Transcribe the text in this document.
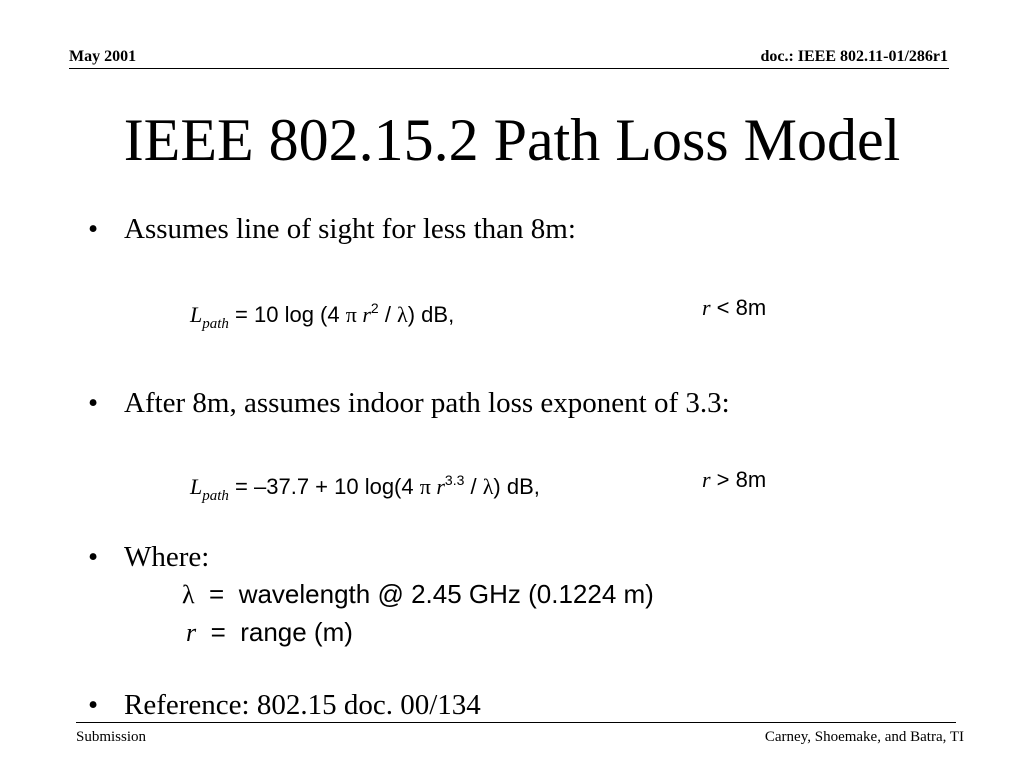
May 2001	doc.: IEEE 802.11-01/286r1
IEEE 802.15.2 Path Loss Model
• Assumes line of sight for less than 8m:
$L_{path} = 10$ log (4 π $r^2 / \lambda$) dB,	r < 8m
• After 8m, assumes indoor path loss exponent of 3.3:
$L_{path} = -37.7 + 10$ log(4 π $r^{3.3} / \lambda$) dB,	r > 8m
• Where:
λ  =  wavelength @ 2.45 GHz (0.1224 m)
r  =  range (m)
• Reference: 802.15 doc. 00/134
Submission	Carney, Shoemake, and Batra, TI
